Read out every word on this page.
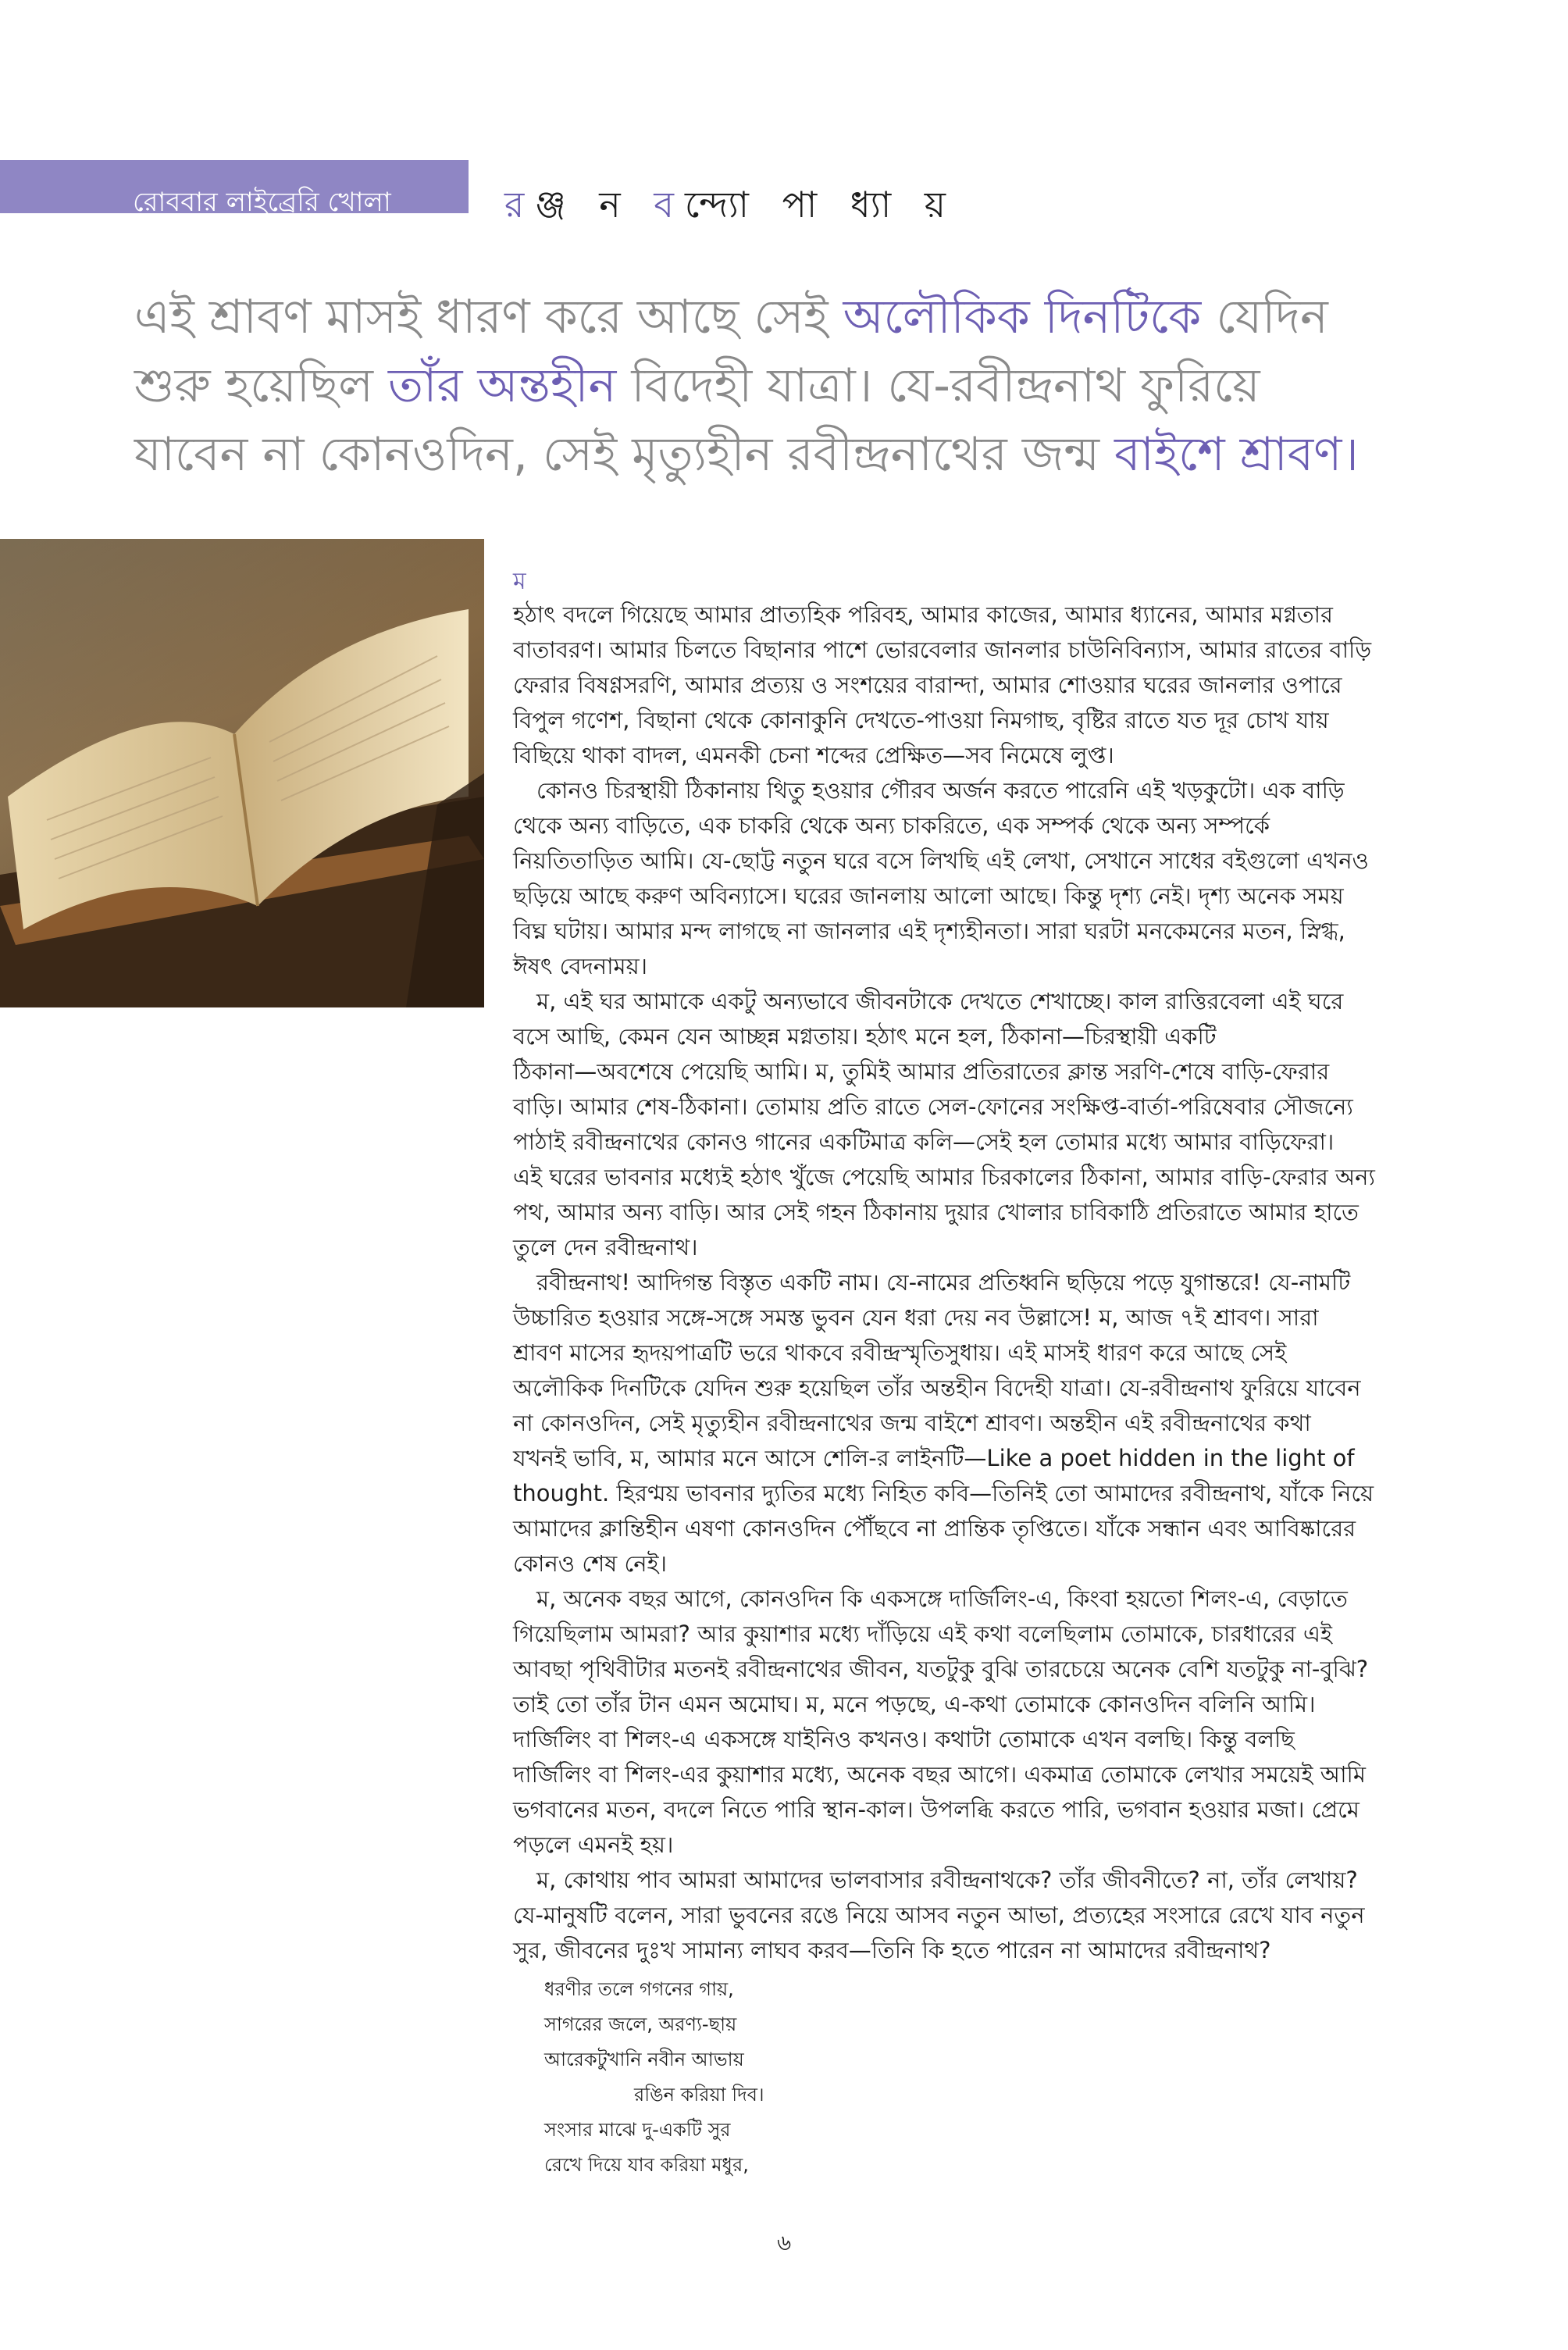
রোববার লাইব্রেরি খোলা	রঞ্জ ন বন্দ্যো পা ধ্যা য়
এই শ্রাবণ মাসই ধারণ করে আছে সেই অলৌকিক দিনটিকে যেদিন
শুরু হয়েছিল তাঁর অন্তহীন বিদেহী যাত্রা। যে-রবীন্দ্রনাথ ফুরিয়ে
যাবেন না কোনওদিন, সেই মৃত্যুহীন রবীন্দ্রনাথের জন্ম বাইশে শ্রাবণ।
ম
হঠাৎ বদলে গিয়েছে আমার প্রাত্যহিক পরিবহ, আমার কাজের, আমার ধ্যানের, আমার মগ্নতার
বাতাবরণ। আমার চিলতে বিছানার পাশে ভোরবেলার জানলার চাউনিবিন্যাস, আমার রাতের বাড়ি
ফেরার বিষণ্ণসরণি, আমার প্রত্যয় ও সংশয়ের বারান্দা, আমার শোওয়ার ঘরের জানলার ওপারে
বিপুল গণেশ, বিছানা থেকে কোনাকুনি দেখতে-পাওয়া নিমগাছ, বৃষ্টির রাতে যত দূর চোখ যায়
বিছিয়ে থাকা বাদল, এমনকী চেনা শব্দের প্রেক্ষিত—সব নিমেষে লুপ্ত।
কোনও চিরস্থায়ী ঠিকানায় থিতু হওয়ার গৌরব অর্জন করতে পারেনি এই খড়কুটো। এক বাড়ি
থেকে অন্য বাড়িতে, এক চাকরি থেকে অন্য চাকরিতে, এক সম্পর্ক থেকে অন্য সম্পর্কে
নিয়তিতাড়িত আমি। যে-ছোট্ট নতুন ঘরে বসে লিখছি এই লেখা, সেখানে সাধের বইগুলো এখনও
ছড়িয়ে আছে করুণ অবিন্যাসে। ঘরের জানলায় আলো আছে। কিন্তু দৃশ্য নেই। দৃশ্য অনেক সময়
বিঘ্ন ঘটায়। আমার মন্দ লাগছে না জানলার এই দৃশ্যহীনতা। সারা ঘরটা মনকেমনের মতন, স্নিগ্ধ,
ঈষৎ বেদনাময়।
ম, এই ঘর আমাকে একটু অন্যভাবে জীবনটাকে দেখতে শেখাচ্ছে। কাল রাত্তিরবেলা এই ঘরে
বসে আছি, কেমন যেন আচ্ছন্ন মগ্নতায়। হঠাৎ মনে হল, ঠিকানা—চিরস্থায়ী একটি
ঠিকানা—অবশেষে পেয়েছি আমি। ম, তুমিই আমার প্রতিরাতের ক্লান্ত সরণি-শেষে বাড়ি-ফেরার
বাড়ি। আমার শেষ-ঠিকানা। তোমায় প্রতি রাতে সেল-ফোনের সংক্ষিপ্ত-বার্তা-পরিষেবার সৌজন্যে
পাঠাই রবীন্দ্রনাথের কোনও গানের একটিমাত্র কলি—সেই হল তোমার মধ্যে আমার বাড়িফেরা।
এই ঘরের ভাবনার মধ্যেই হঠাৎ খুঁজে পেয়েছি আমার চিরকালের ঠিকানা, আমার বাড়ি-ফেরার অন্য
পথ, আমার অন্য বাড়ি। আর সেই গহন ঠিকানায় দুয়ার খোলার চাবিকাঠি প্রতিরাতে আমার হাতে
তুলে দেন রবীন্দ্রনাথ।
রবীন্দ্রনাথ! আদিগন্ত বিস্তৃত একটি নাম। যে-নামের প্রতিধ্বনি ছড়িয়ে পড়ে যুগান্তরে! যে-নামটি
উচ্চারিত হওয়ার সঙ্গে-সঙ্গে সমস্ত ভুবন যেন ধরা দেয় নব উল্লাসে! ম, আজ ৭ই শ্রাবণ। সারা
শ্রাবণ মাসের হৃদয়পাত্রটি ভরে থাকবে রবীন্দ্রস্মৃতিসুধায়। এই মাসই ধারণ করে আছে সেই
অলৌকিক দিনটিকে যেদিন শুরু হয়েছিল তাঁর অন্তহীন বিদেহী যাত্রা। যে-রবীন্দ্রনাথ ফুরিয়ে যাবেন
না কোনওদিন, সেই মৃত্যুহীন রবীন্দ্রনাথের জন্ম বাইশে শ্রাবণ। অন্তহীন এই রবীন্দ্রনাথের কথা
যখনই ভাবি, ম, আমার মনে আসে শেলি-র লাইনটি—Like a poet hidden in the light of
thought. হিরণ্ময় ভাবনার দ্যুতির মধ্যে নিহিত কবি—তিনিই তো আমাদের রবীন্দ্রনাথ, যাঁকে নিয়ে
আমাদের ক্লান্তিহীন এষণা কোনওদিন পৌঁছবে না প্রান্তিক তৃপ্তিতে। যাঁকে সন্ধান এবং আবিষ্কারের
কোনও শেষ নেই।
ম, অনেক বছর আগে, কোনওদিন কি একসঙ্গে দার্জিলিং-এ, কিংবা হয়তো শিলং-এ, বেড়াতে
গিয়েছিলাম আমরা? আর কুয়াশার মধ্যে দাঁড়িয়ে এই কথা বলেছিলাম তোমাকে, চারধারের এই
আবছা পৃথিবীটার মতনই রবীন্দ্রনাথের জীবন, যতটুকু বুঝি তারচেয়ে অনেক বেশি যতটুকু না-বুঝি?
তাই তো তাঁর টান এমন অমোঘ। ম, মনে পড়ছে, এ-কথা তোমাকে কোনওদিন বলিনি আমি।
দার্জিলিং বা শিলং-এ একসঙ্গে যাইনিও কখনও। কথাটা তোমাকে এখন বলছি। কিন্তু বলছি
দার্জিলিং বা শিলং-এর কুয়াশার মধ্যে, অনেক বছর আগে। একমাত্র তোমাকে লেখার সময়েই আমি
ভগবানের মতন, বদলে নিতে পারি স্থান-কাল। উপলব্ধি করতে পারি, ভগবান হওয়ার মজা। প্রেমে
পড়লে এমনই হয়।
ম, কোথায় পাব আমরা আমাদের ভালবাসার রবীন্দ্রনাথকে? তাঁর জীবনীতে? না, তাঁর লেখায়?
যে-মানুষটি বলেন, সারা ভুবনের রঙে নিয়ে আসব নতুন আভা, প্রত্যহের সংসারে রেখে যাব নতুন
সুর, জীবনের দুঃখ সামান্য লাঘব করব—তিনি কি হতে পারেন না আমাদের রবীন্দ্রনাথ?
ধরণীর তলে গগনের গায়,
সাগরের জলে, অরণ্য-ছায়
আরেকটুখানি নবীন আভায়
রঙিন করিয়া দিব।
সংসার মাঝে দু-একটি সুর
রেখে দিয়ে যাব করিয়া মধুর,
৬
